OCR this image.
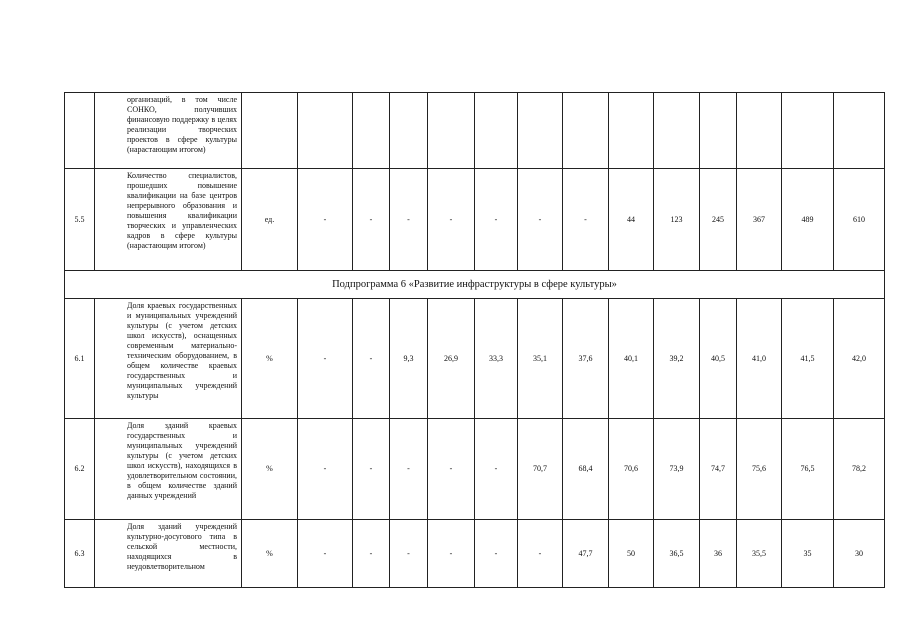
	организаций, в том числе СОНКО, получивших финансовую поддержку в целях реализации творческих проектов в сфере культуры (нарастающим итогом)														

5.5	Количество специалистов, прошедших повышение квалификации на базе центров непрерывного образования и повышения квалификации творческих и управленческих кадров в сфере культуры (нарастающим итогом)	ед.	-	-	-	-	-	-	-	44	123	245	367	489	610
Подпрограмма 6 «Развитие инфраструктуры в сфере культуры»															
6.1	Доля краевых государственных и муниципальных учреждений культуры (с учетом детских школ искусств), оснащенных современным материально-техническим оборудованием, в общем количестве краевых государственных и муниципальных учреждений культуры	%	-	-	9,3	26,9	33,3	35,1	37,6	40,1	39,2	40,5	41,0	41,5	42,0
6.2	Доля зданий краевых государственных и муниципальных учреждений культуры (с учетом детских школ искусств), находящихся в удовлетворительном состоянии, в общем количестве зданий данных учреждений	%	-	-	-	-	-	70,7	68,4	70,6	73,9	74,7	75,6	76,5	78,2
6.3	Доля зданий учреждений культурно-досугового типа в сельской местности, находящихся в неудовлетворительном	%	-	-	-	-	-	-	47,7	50	36,5	36	35,5	35	30
